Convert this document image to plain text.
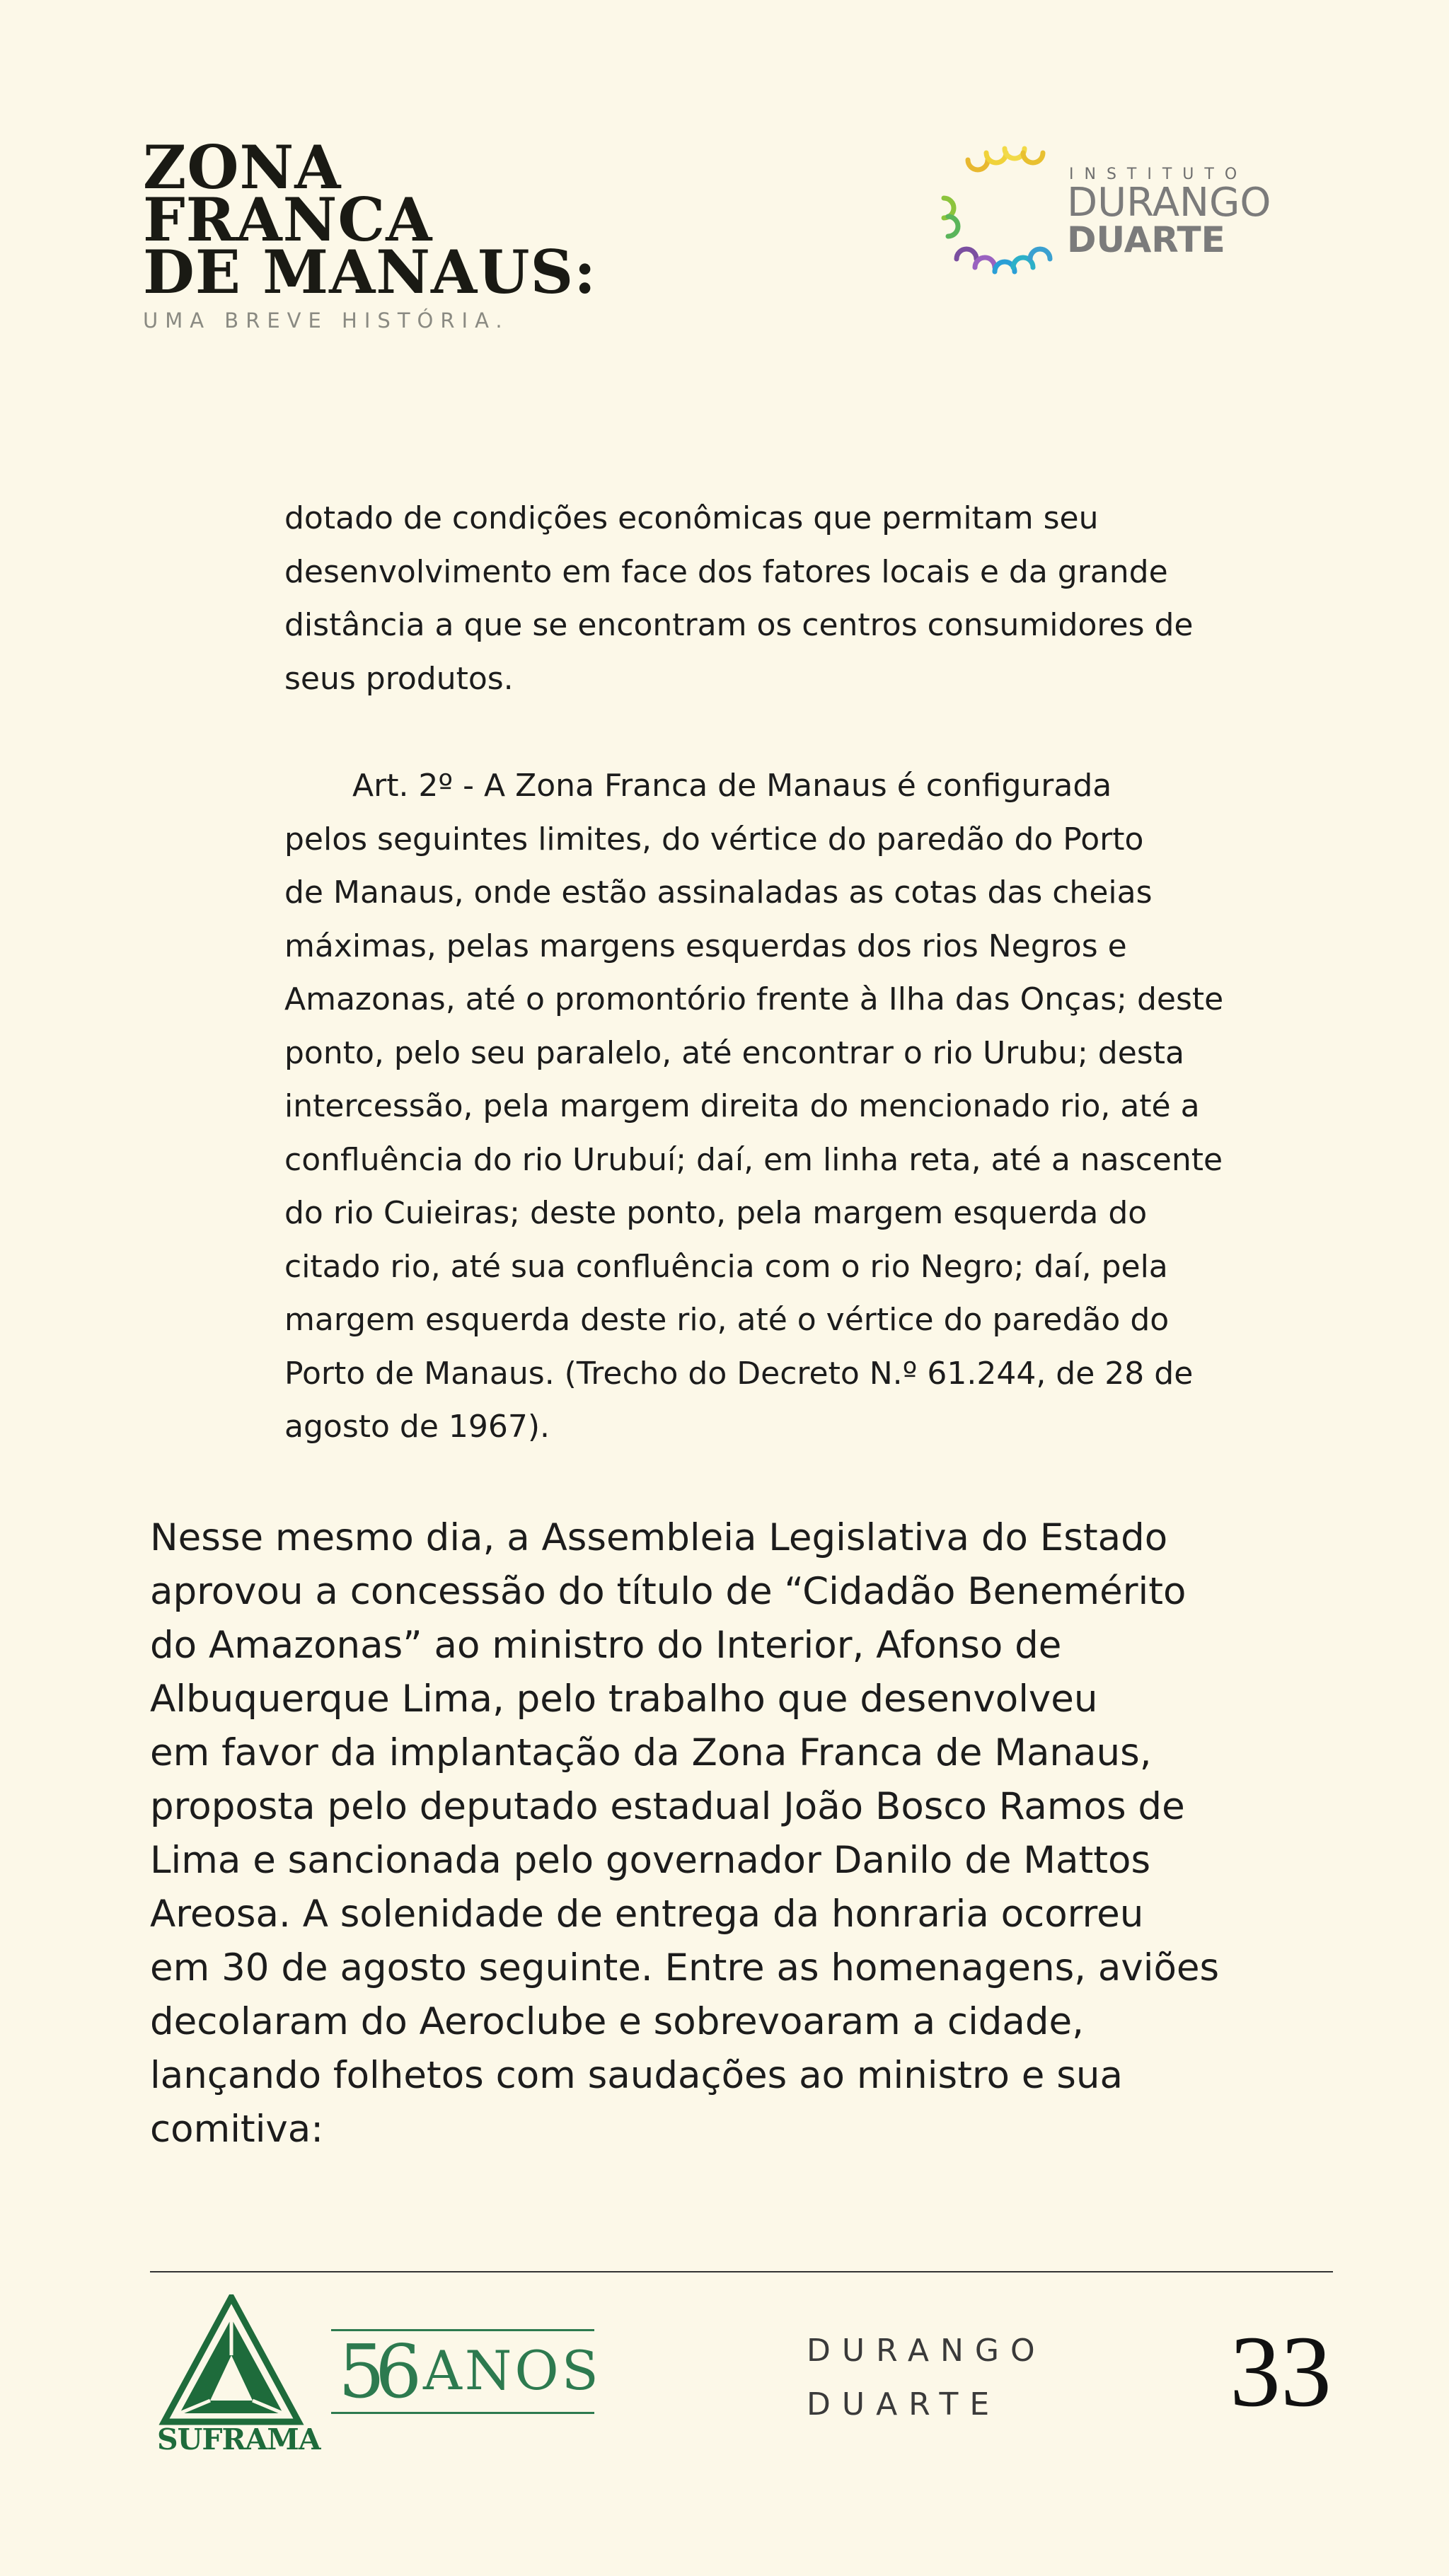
ZONA
FRANCA
DE MANAUS:
UMA BREVE HISTÓRIA.
INSTITUTO
DURANGO
DUARTE
dotado de condições econômicas que permitam seu
desenvolvimento em face dos fatores locais e da grande
distância a que se encontram os centros consumidores de
seus produtos.
Art. 2º - A Zona Franca de Manaus é configurada
pelos seguintes limites, do vértice do paredão do Porto
de Manaus, onde estão assinaladas as cotas das cheias
máximas, pelas margens esquerdas dos rios Negros e
Amazonas, até o promontório frente à Ilha das Onças; deste
ponto, pelo seu paralelo, até encontrar o rio Urubu; desta
intercessão, pela margem direita do mencionado rio, até a
confluência do rio Urubuí; daí, em linha reta, até a nascente
do rio Cuieiras; deste ponto, pela margem esquerda do
citado rio, até sua confluência com o rio Negro; daí, pela
margem esquerda deste rio, até o vértice do paredão do
Porto de Manaus. (Trecho do Decreto N.º 61.244, de 28 de
agosto de 1967).
Nesse mesmo dia, a Assembleia Legislativa do Estado
aprovou a concessão do título de “Cidadão Benemérito
do Amazonas” ao ministro do Interior, Afonso de
Albuquerque Lima, pelo trabalho que desenvolveu
em favor da implantação da Zona Franca de Manaus,
proposta pelo deputado estadual João Bosco Ramos de
Lima e sancionada pelo governador Danilo de Mattos
Areosa. A solenidade de entrega da honraria ocorreu
em 30 de agosto seguinte. Entre as homenagens, aviões
decolaram do Aeroclube e sobrevoaram a cidade,
lançando folhetos com saudações ao ministro e sua
comitiva:
SUFRAMA
56 ANOS	DURANGO
DUARTE	33
